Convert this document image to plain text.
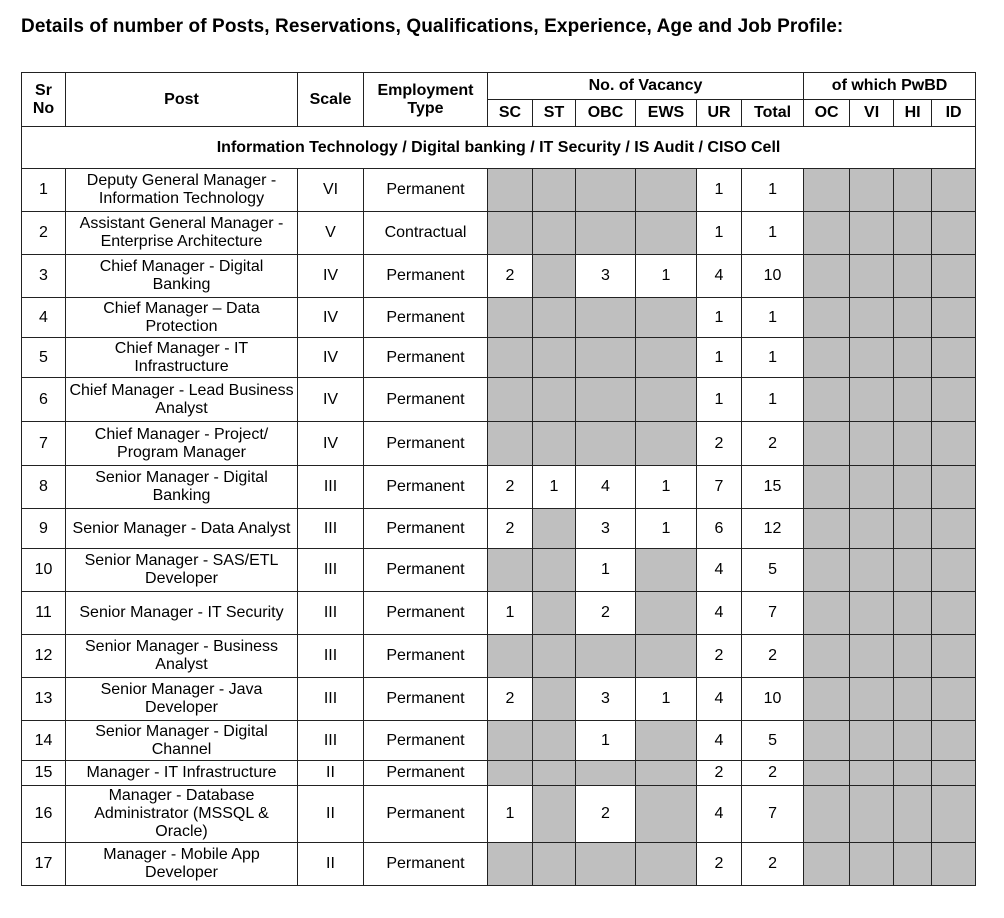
Details of number of Posts, Reservations, Qualifications, Experience, Age and Job Profile:
Sr No	Post	Scale	Employment Type	No. of Vacancy						of which PwBD			
				SC	ST	OBC	EWS	UR	Total	OC	VI	HI	ID
Information Technology / Digital banking / IT Security / IS Audit / CISO Cell													
1	Deputy General Manager - Information Technology	VI	Permanent					1	1				
2	Assistant General Manager - Enterprise Architecture	V	Contractual					1	1				
3	Chief Manager - Digital Banking	IV	Permanent	2		3	1	4	10				
4	Chief Manager – Data Protection	IV	Permanent					1	1				
5	Chief Manager - IT Infrastructure	IV	Permanent					1	1				
6	Chief Manager - Lead Business Analyst	IV	Permanent					1	1				
7	Chief Manager - Project/ Program Manager	IV	Permanent					2	2				
8	Senior Manager - Digital Banking	III	Permanent	2	1	4	1	7	15				
9	Senior Manager - Data Analyst	III	Permanent	2		3	1	6	12				
10	Senior Manager - SAS/ETL Developer	III	Permanent			1		4	5				
11	Senior Manager - IT Security	III	Permanent	1		2		4	7				
12	Senior Manager - Business Analyst	III	Permanent					2	2				
13	Senior Manager - Java Developer	III	Permanent	2		3	1	4	10				
14	Senior Manager - Digital Channel	III	Permanent			1		4	5				
15	Manager - IT Infrastructure	II	Permanent					2	2				
16	Manager - Database Administrator (MSSQL & Oracle)	II	Permanent	1		2		4	7				
17	Manager - Mobile App Developer	II	Permanent					2	2				
